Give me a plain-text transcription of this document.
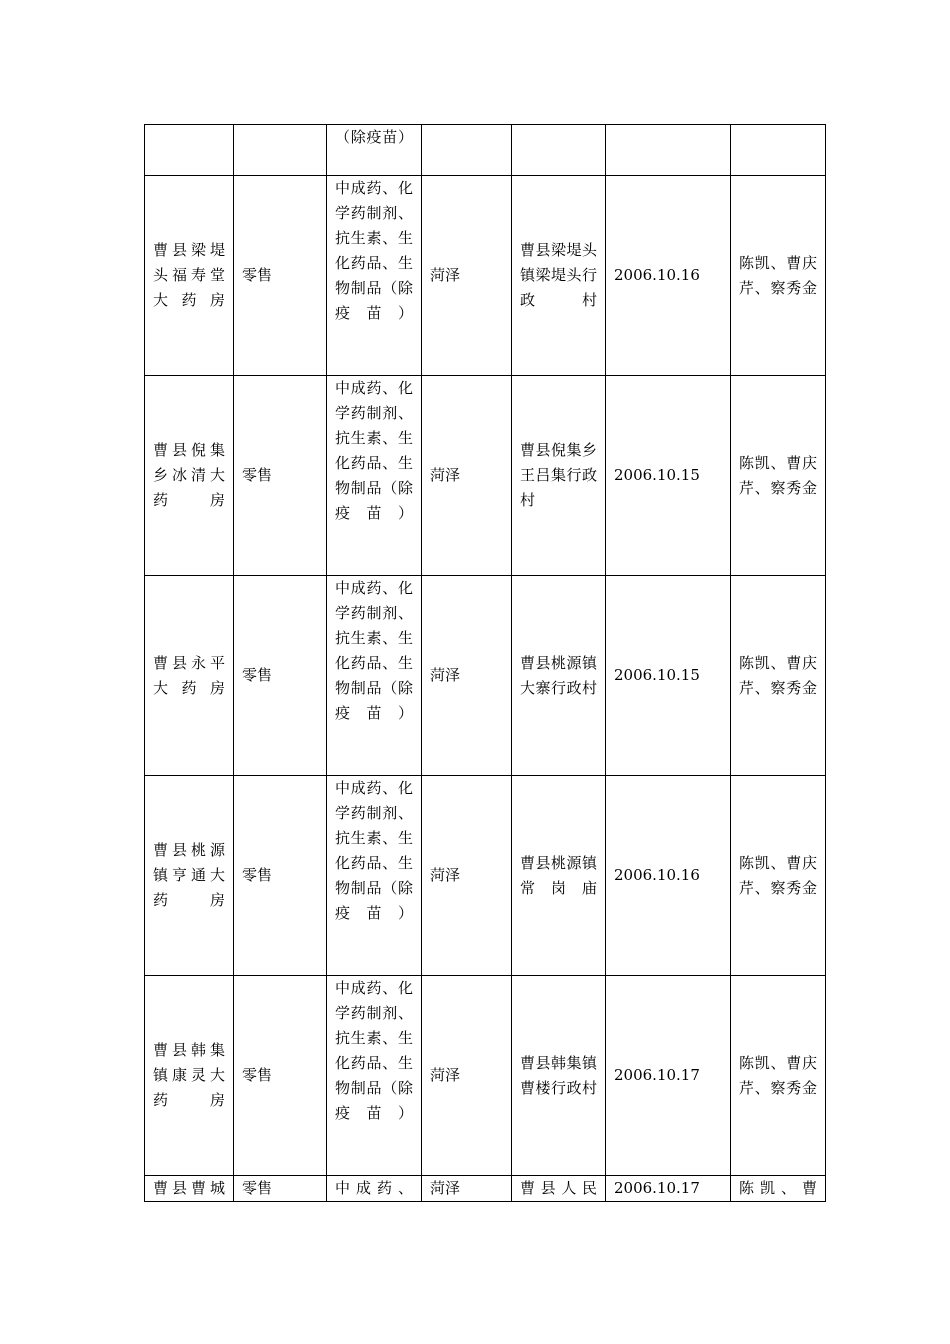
		（除疫苗）				

曹县梁堤头福寿堂大药房	零售	中成药、化学药制剂、抗生素、生化药品、生物制品（除疫苗）	菏泽	曹县梁堤头镇梁堤头行政村	2006.10.16	陈凯、曹庆芹、察秀金
曹县倪集乡冰清大药房	零售	中成药、化学药制剂、抗生素、生化药品、生物制品（除疫苗）	菏泽	曹县倪集乡王吕集行政村	2006.10.15	陈凯、曹庆芹、察秀金
曹县永平大药房	零售	中成药、化学药制剂、抗生素、生化药品、生物制品（除疫苗）	菏泽	曹县桃源镇大寨行政村	2006.10.15	陈凯、曹庆芹、察秀金
曹县桃源镇亨通大药房	零售	中成药、化学药制剂、抗生素、生化药品、生物制品（除疫苗）	菏泽	曹县桃源镇常岗庙	2006.10.16	陈凯、曹庆芹、察秀金
曹县韩集镇康灵大药房	零售	中成药、化学药制剂、抗生素、生化药品、生物制品（除疫苗）	菏泽	曹县韩集镇曹楼行政村	2006.10.17	陈凯、曹庆芹、察秀金
曹县曹城	零售	中成药、	菏泽	曹县人民	2006.10.17	陈凯、曹
